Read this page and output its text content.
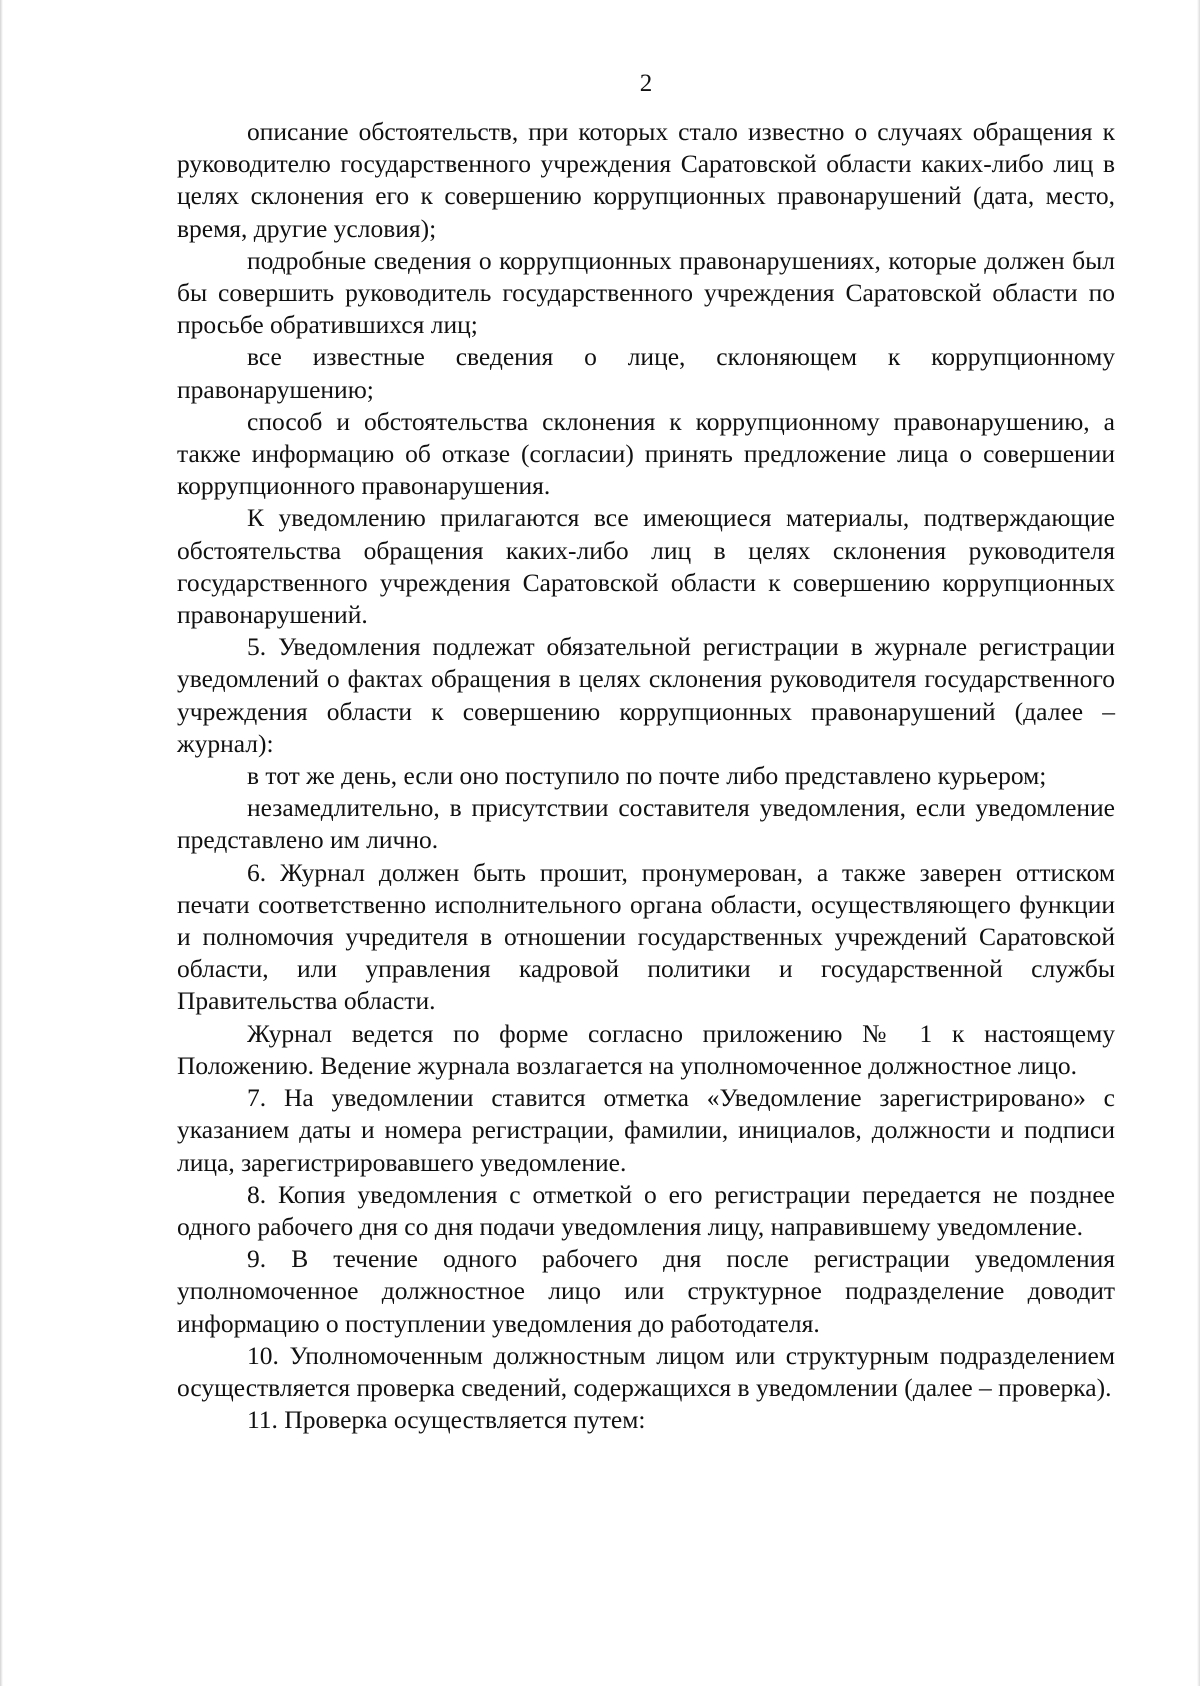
2

описание обстоятельств, при которых стало известно о случаях обращения к руководителю государственного учреждения Саратовской области каких-либо лиц в целях склонения его к совершению коррупционных правонарушений (дата, место, время, другие условия);

подробные сведения о коррупционных правонарушениях, которые должен был бы совершить руководитель государственного учреждения Саратовской области по просьбе обратившихся лиц;

все известные сведения о лице, склоняющем к коррупционному правонарушению;

способ и обстоятельства склонения к коррупционному правонарушению, а также информацию об отказе (согласии) принять предложение лица о совершении коррупционного правонарушения.

К уведомлению прилагаются все имеющиеся материалы, подтверждающие обстоятельства обращения каких-либо лиц в целях склонения руководителя государственного учреждения Саратовской области к совершению коррупционных правонарушений.

5. Уведомления подлежат обязательной регистрации в журнале регистрации уведомлений о фактах обращения в целях склонения руководителя государственного учреждения области к совершению коррупционных правонарушений (далее – журнал):

в тот же день, если оно поступило по почте либо представлено курьером;

незамедлительно, в присутствии составителя уведомления, если уведомление представлено им лично.

6. Журнал должен быть прошит, пронумерован, а также заверен оттиском печати соответственно исполнительного органа области, осуществляющего функции и полномочия учредителя в отношении государственных учреждений Саратовской области, или управления кадровой политики и государственной службы Правительства области.

Журнал ведется по форме согласно приложению № 1 к настоящему Положению. Ведение журнала возлагается на уполномоченное должностное лицо.

7. На уведомлении ставится отметка «Уведомление зарегистрировано» с указанием даты и номера регистрации, фамилии, инициалов, должности и подписи лица, зарегистрировавшего уведомление.

8. Копия уведомления с отметкой о его регистрации передается не позднее одного рабочего дня со дня подачи уведомления лицу, направившему уведомление.

9. В течение одного рабочего дня после регистрации уведомления уполномоченное должностное лицо или структурное подразделение доводит информацию о поступлении уведомления до работодателя.

10. Уполномоченным должностным лицом или структурным подразделением осуществляется проверка сведений, содержащихся в уведомлении (далее – проверка).

11. Проверка осуществляется путем:
